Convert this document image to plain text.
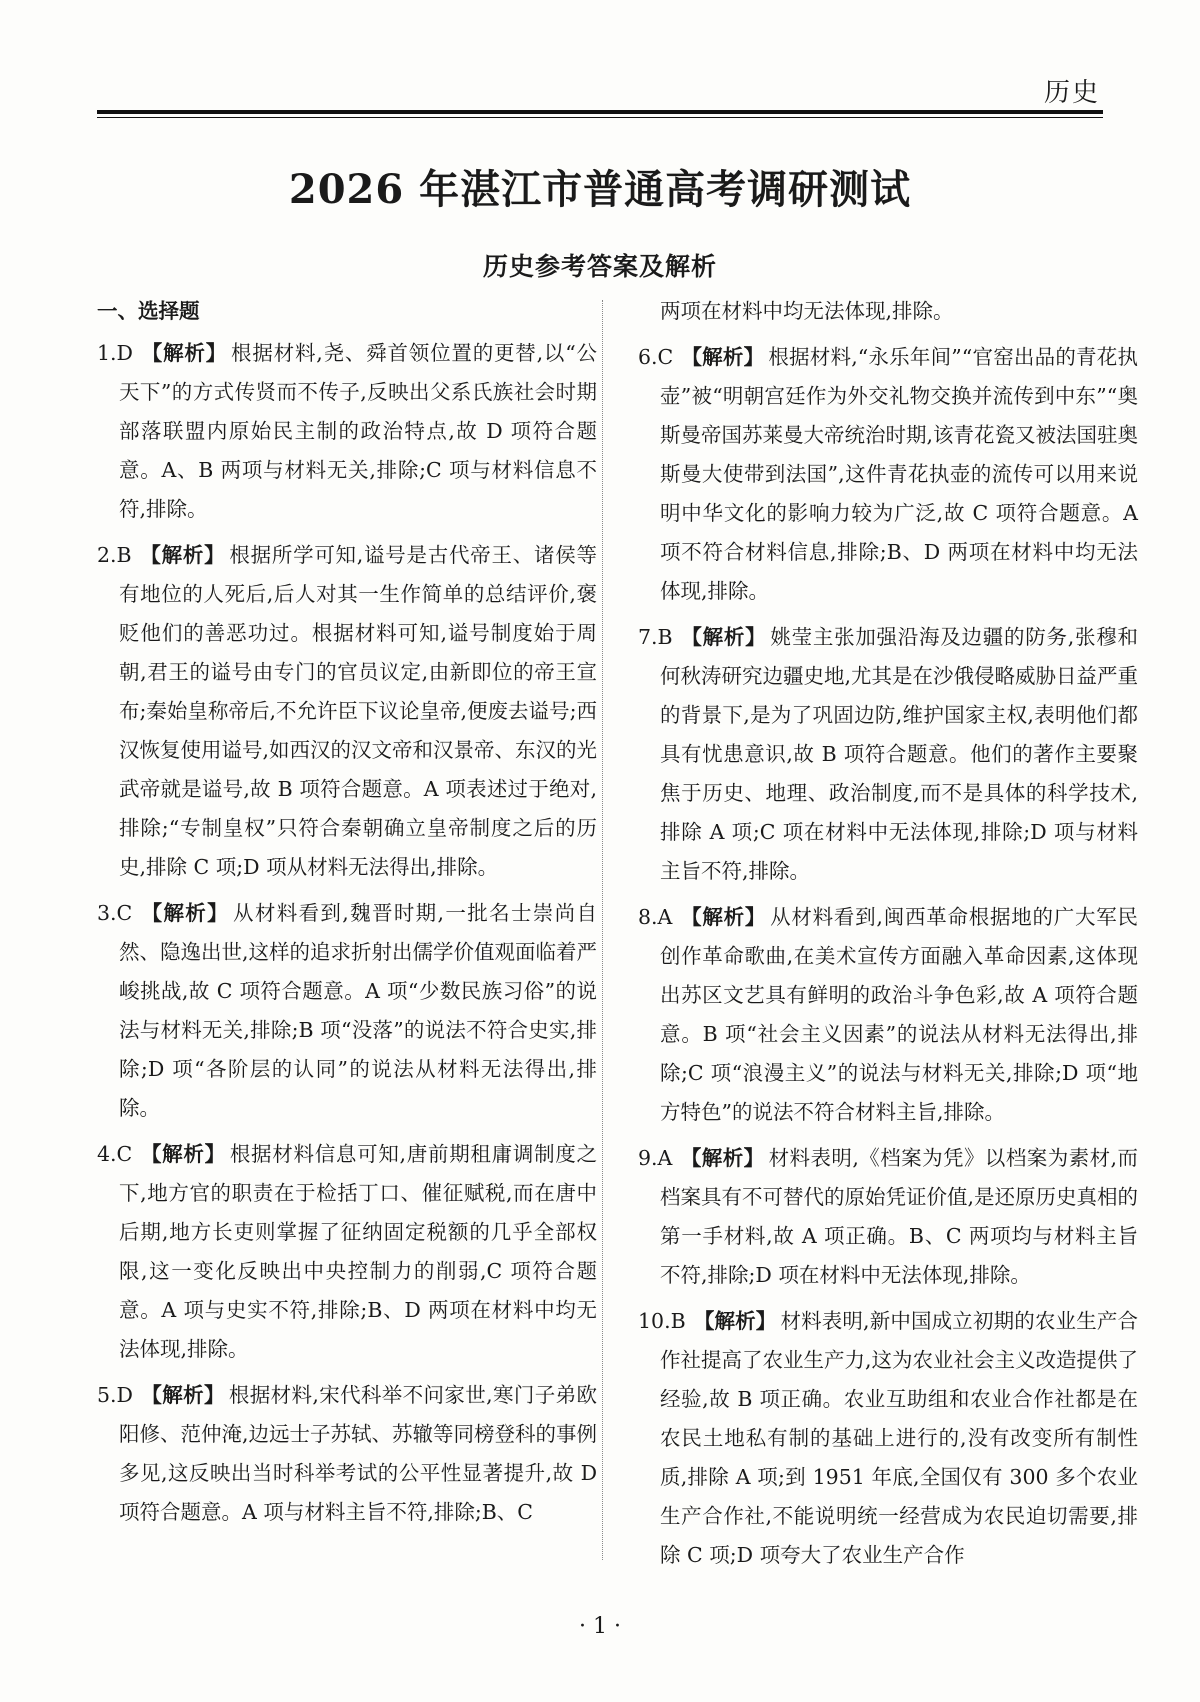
历史
2026 年湛江市普通高考调研测试
历史参考答案及解析
一、选择题
1.D 【解析】 根据材料,尧、舜首领位置的更替,以“公天下”的方式传贤而不传子,反映出父系氏族社会时期部落联盟内原始民主制的政治特点,故 D 项符合题意。A、B 两项与材料无关,排除;C 项与材料信息不符,排除。
2.B 【解析】 根据所学可知,谥号是古代帝王、诸侯等有地位的人死后,后人对其一生作简单的总结评价,褒贬他们的善恶功过。根据材料可知,谥号制度始于周朝,君王的谥号由专门的官员议定,由新即位的帝王宣布;秦始皇称帝后,不允许臣下议论皇帝,便废去谥号;西汉恢复使用谥号,如西汉的汉文帝和汉景帝、东汉的光武帝就是谥号,故 B 项符合题意。A 项表述过于绝对,排除;“专制皇权”只符合秦朝确立皇帝制度之后的历史,排除 C 项;D 项从材料无法得出,排除。
3.C 【解析】 从材料看到,魏晋时期,一批名士崇尚自然、隐逸出世,这样的追求折射出儒学价值观面临着严峻挑战,故 C 项符合题意。A 项“少数民族习俗”的说法与材料无关,排除;B 项“没落”的说法不符合史实,排除;D 项“各阶层的认同”的说法从材料无法得出,排除。
4.C 【解析】 根据材料信息可知,唐前期租庸调制度之下,地方官的职责在于检括丁口、催征赋税,而在唐中后期,地方长吏则掌握了征纳固定税额的几乎全部权限,这一变化反映出中央控制力的削弱,C 项符合题意。A 项与史实不符,排除;B、D 两项在材料中均无法体现,排除。
5.D 【解析】 根据材料,宋代科举不问家世,寒门子弟欧阳修、范仲淹,边远士子苏轼、苏辙等同榜登科的事例多见,这反映出当时科举考试的公平性显著提升,故 D 项符合题意。A 项与材料主旨不符,排除;B、C
两项在材料中均无法体现,排除。
6.C 【解析】 根据材料,“永乐年间”“官窑出品的青花执壶”被“明朝宫廷作为外交礼物交换并流传到中东”“奥斯曼帝国苏莱曼大帝统治时期,该青花瓷又被法国驻奥斯曼大使带到法国”,这件青花执壶的流传可以用来说明中华文化的影响力较为广泛,故 C 项符合题意。A 项不符合材料信息,排除;B、D 两项在材料中均无法体现,排除。
7.B 【解析】 姚莹主张加强沿海及边疆的防务,张穆和何秋涛研究边疆史地,尤其是在沙俄侵略威胁日益严重的背景下,是为了巩固边防,维护国家主权,表明他们都具有忧患意识,故 B 项符合题意。他们的著作主要聚焦于历史、地理、政治制度,而不是具体的科学技术,排除 A 项;C 项在材料中无法体现,排除;D 项与材料主旨不符,排除。
8.A 【解析】 从材料看到,闽西革命根据地的广大军民创作革命歌曲,在美术宣传方面融入革命因素,这体现出苏区文艺具有鲜明的政治斗争色彩,故 A 项符合题意。B 项“社会主义因素”的说法从材料无法得出,排除;C 项“浪漫主义”的说法与材料无关,排除;D 项“地方特色”的说法不符合材料主旨,排除。
9.A 【解析】 材料表明,《档案为凭》以档案为素材,而档案具有不可替代的原始凭证价值,是还原历史真相的第一手材料,故 A 项正确。B、C 两项均与材料主旨不符,排除;D 项在材料中无法体现,排除。
10.B 【解析】 材料表明,新中国成立初期的农业生产合作社提高了农业生产力,这为农业社会主义改造提供了经验,故 B 项正确。农业互助组和农业合作社都是在农民土地私有制的基础上进行的,没有改变所有制性质,排除 A 项;到 1951 年底,全国仅有 300 多个农业生产合作社,不能说明统一经营成为农民迫切需要,排除 C 项;D 项夸大了农业生产合作
· 1 ·
